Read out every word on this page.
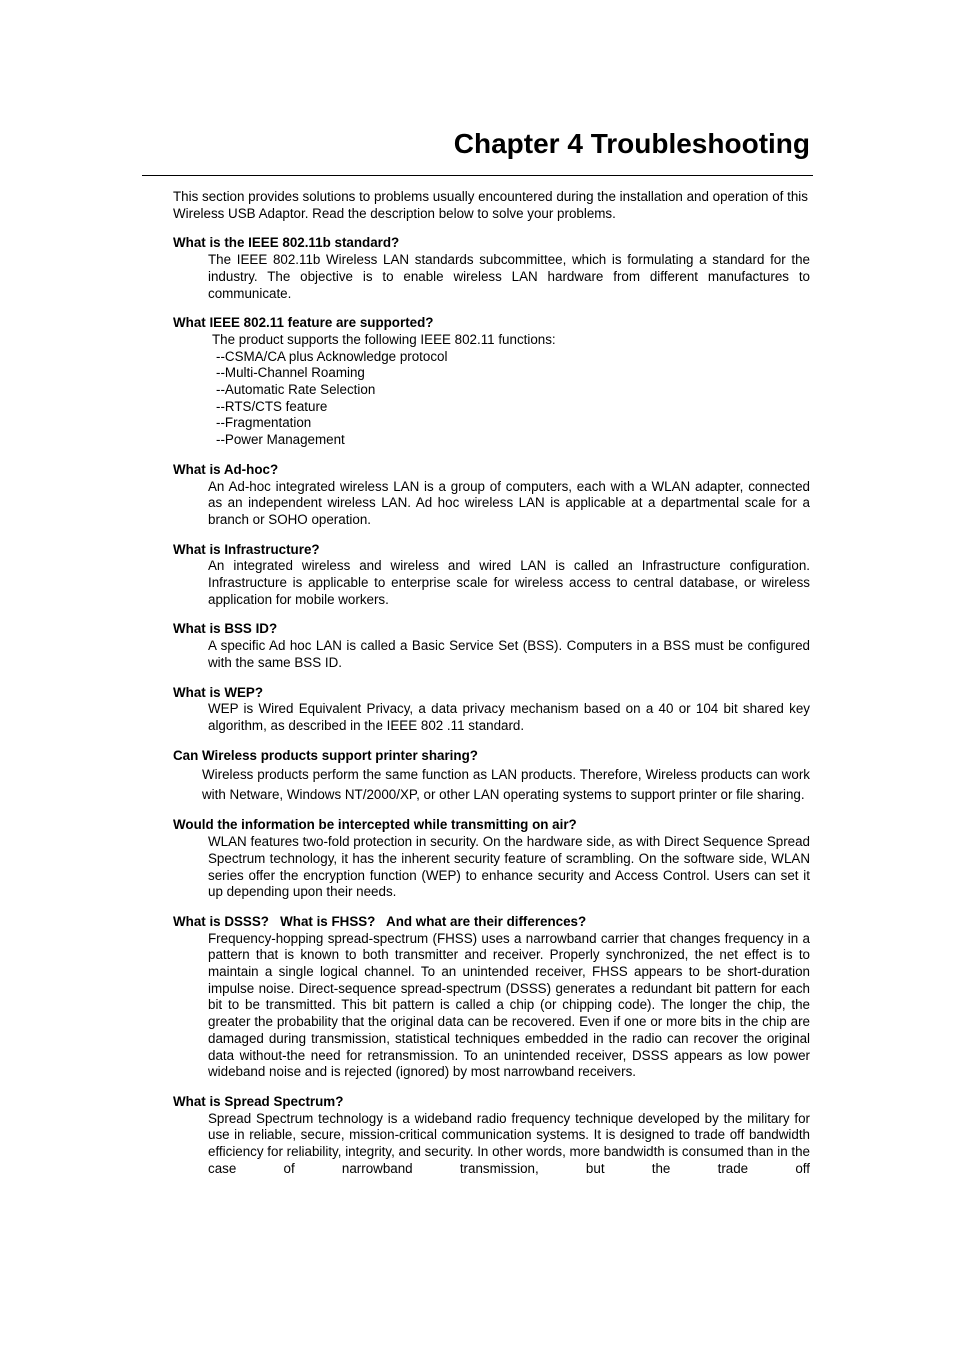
Chapter 4 Troubleshooting

This section provides solutions to problems usually encountered during the installation and operation of this Wireless USB Adaptor. Read the description below to solve your problems.

What is the IEEE 802.11b standard?

The IEEE 802.11b Wireless LAN standards subcommittee, which is formulating a standard for the industry. The objective is to enable wireless LAN hardware from different manufactures to communicate.

What IEEE 802.11 feature are supported?

The product supports the following IEEE 802.11 functions:

--CSMA/CA plus Acknowledge protocol
--Multi-Channel Roaming
--Automatic Rate Selection
--RTS/CTS feature
--Fragmentation
--Power Management

What is Ad-hoc?

An Ad-hoc integrated wireless LAN is a group of computers, each with a WLAN adapter, connected as an independent wireless LAN. Ad hoc wireless LAN is applicable at a departmental scale for a branch or SOHO operation.

What is Infrastructure?

An integrated wireless and wireless and wired LAN is called an Infrastructure configuration. Infrastructure is applicable to enterprise scale for wireless access to central database, or wireless application for mobile workers.

What is BSS ID?

A specific Ad hoc LAN is called a Basic Service Set (BSS). Computers in a BSS must be configured with the same BSS ID.

What is WEP?

WEP is Wired Equivalent Privacy, a data privacy mechanism based on a 40 or 104 bit shared key algorithm, as described in the IEEE 802 .11 standard.

Can Wireless products support printer sharing?

Wireless products perform the same function as LAN products. Therefore, Wireless products can work with Netware, Windows NT/2000/XP, or other LAN operating systems to support printer or file sharing.

Would the information be intercepted while transmitting on air?

WLAN features two-fold protection in security. On the hardware side, as with Direct Sequence Spread Spectrum technology, it has the inherent security feature of scrambling. On the software side, WLAN series offer the encryption function (WEP) to enhance security and Access Control. Users can set it up depending upon their needs.

What is DSSS?   What is FHSS?   And what are their differences?

Frequency-hopping spread-spectrum (FHSS) uses a narrowband carrier that changes frequency in a pattern that is known to both transmitter and receiver. Properly synchronized, the net effect is to maintain a single logical channel. To an unintended receiver, FHSS appears to be short-duration impulse noise. Direct-sequence spread-spectrum (DSSS) generates a redundant bit pattern for each bit to be transmitted. This bit pattern is called a chip (or chipping code). The longer the chip, the greater the probability that the original data can be recovered. Even if one or more bits in the chip are damaged during transmission, statistical techniques embedded in the radio can recover the original data without-the need for retransmission. To an unintended receiver, DSSS appears as low power wideband noise and is rejected (ignored) by most narrowband receivers.

What is Spread Spectrum?

Spread Spectrum technology is a wideband radio frequency technique developed by the military for use in reliable, secure, mission-critical communication systems. It is designed to trade off bandwidth efficiency for reliability, integrity, and security. In other words, more bandwidth is consumed than in the case of narrowband transmission, but the trade off
